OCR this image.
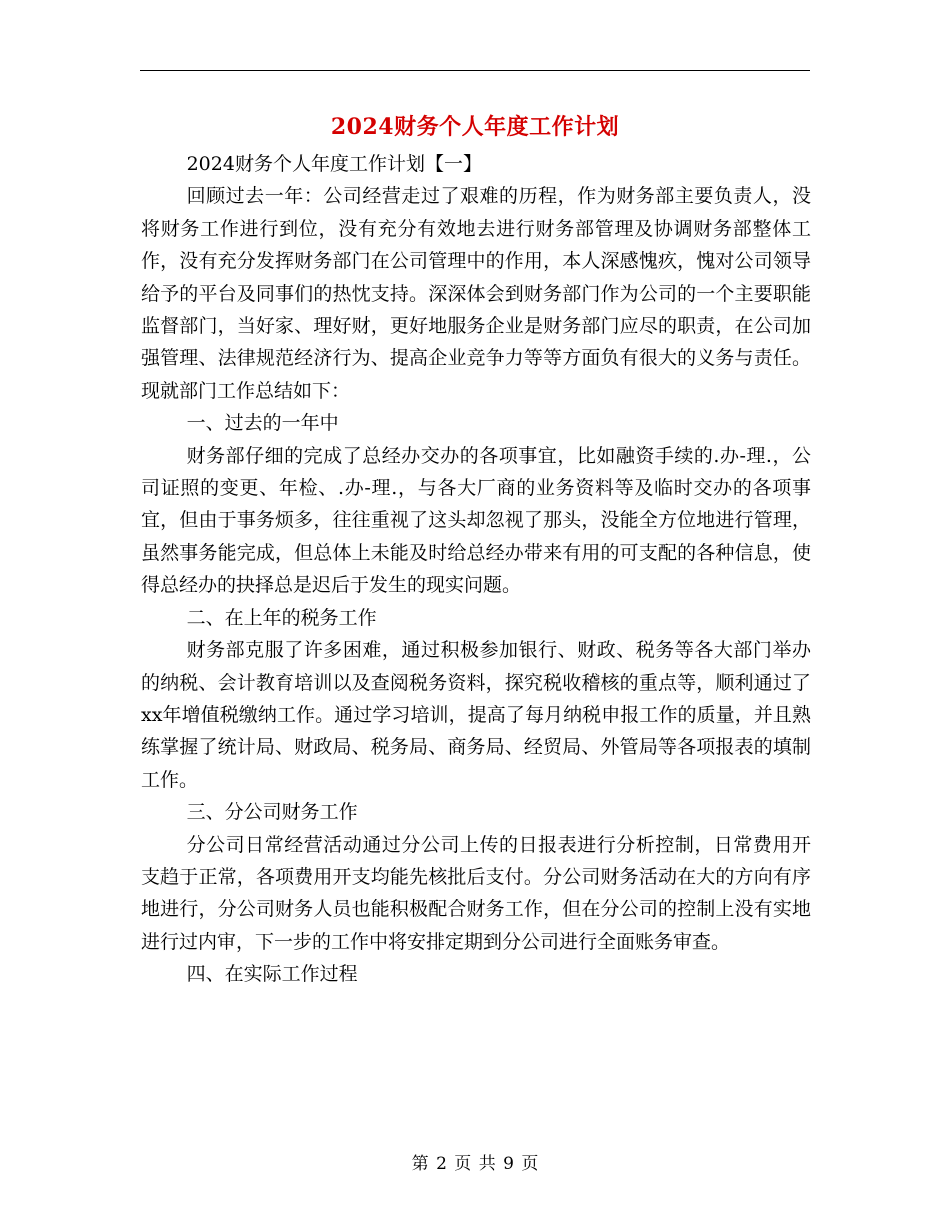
2024财务个人年度工作计划

2024财务个人年度工作计划【一】

回顾过去一年：公司经营走过了艰难的历程，作为财务部主要负责人，没将财务工作进行到位，没有充分有效地去进行财务部管理及协调财务部整体工作，没有充分发挥财务部门在公司管理中的作用，本人深感愧疚，愧对公司领导给予的平台及同事们的热忱支持。深深体会到财务部门作为公司的一个主要职能监督部门，当好家、理好财，更好地服务企业是财务部门应尽的职责，在公司加强管理、法律规范经济行为、提高企业竞争力等等方面负有很大的义务与责任。现就部门工作总结如下：

一、过去的一年中

财务部仔细的完成了总经办交办的各项事宜，比如融资手续的.办-理.，公司证照的变更、年检、.办-理.，与各大厂商的业务资料等及临时交办的各项事宜，但由于事务烦多，往往重视了这头却忽视了那头，没能全方位地进行管理，虽然事务能完成，但总体上未能及时给总经办带来有用的可支配的各种信息，使得总经办的抉择总是迟后于发生的现实问题。

二、在上年的税务工作

财务部克服了许多困难，通过积极参加银行、财政、税务等各大部门举办的纳税、会计教育培训以及查阅税务资料，探究税收稽核的重点等，顺利通过了xx年增值税缴纳工作。通过学习培训，提高了每月纳税申报工作的质量，并且熟练掌握了统计局、财政局、税务局、商务局、经贸局、外管局等各项报表的填制工作。

三、分公司财务工作

分公司日常经营活动通过分公司上传的日报表进行分析控制，日常费用开支趋于正常，各项费用开支均能先核批后支付。分公司财务活动在大的方向有序地进行，分公司财务人员也能积极配合财务工作，但在分公司的控制上没有实地进行过内审，下一步的工作中将安排定期到分公司进行全面账务审查。

四、在实际工作过程

第 2 页 共 9 页
